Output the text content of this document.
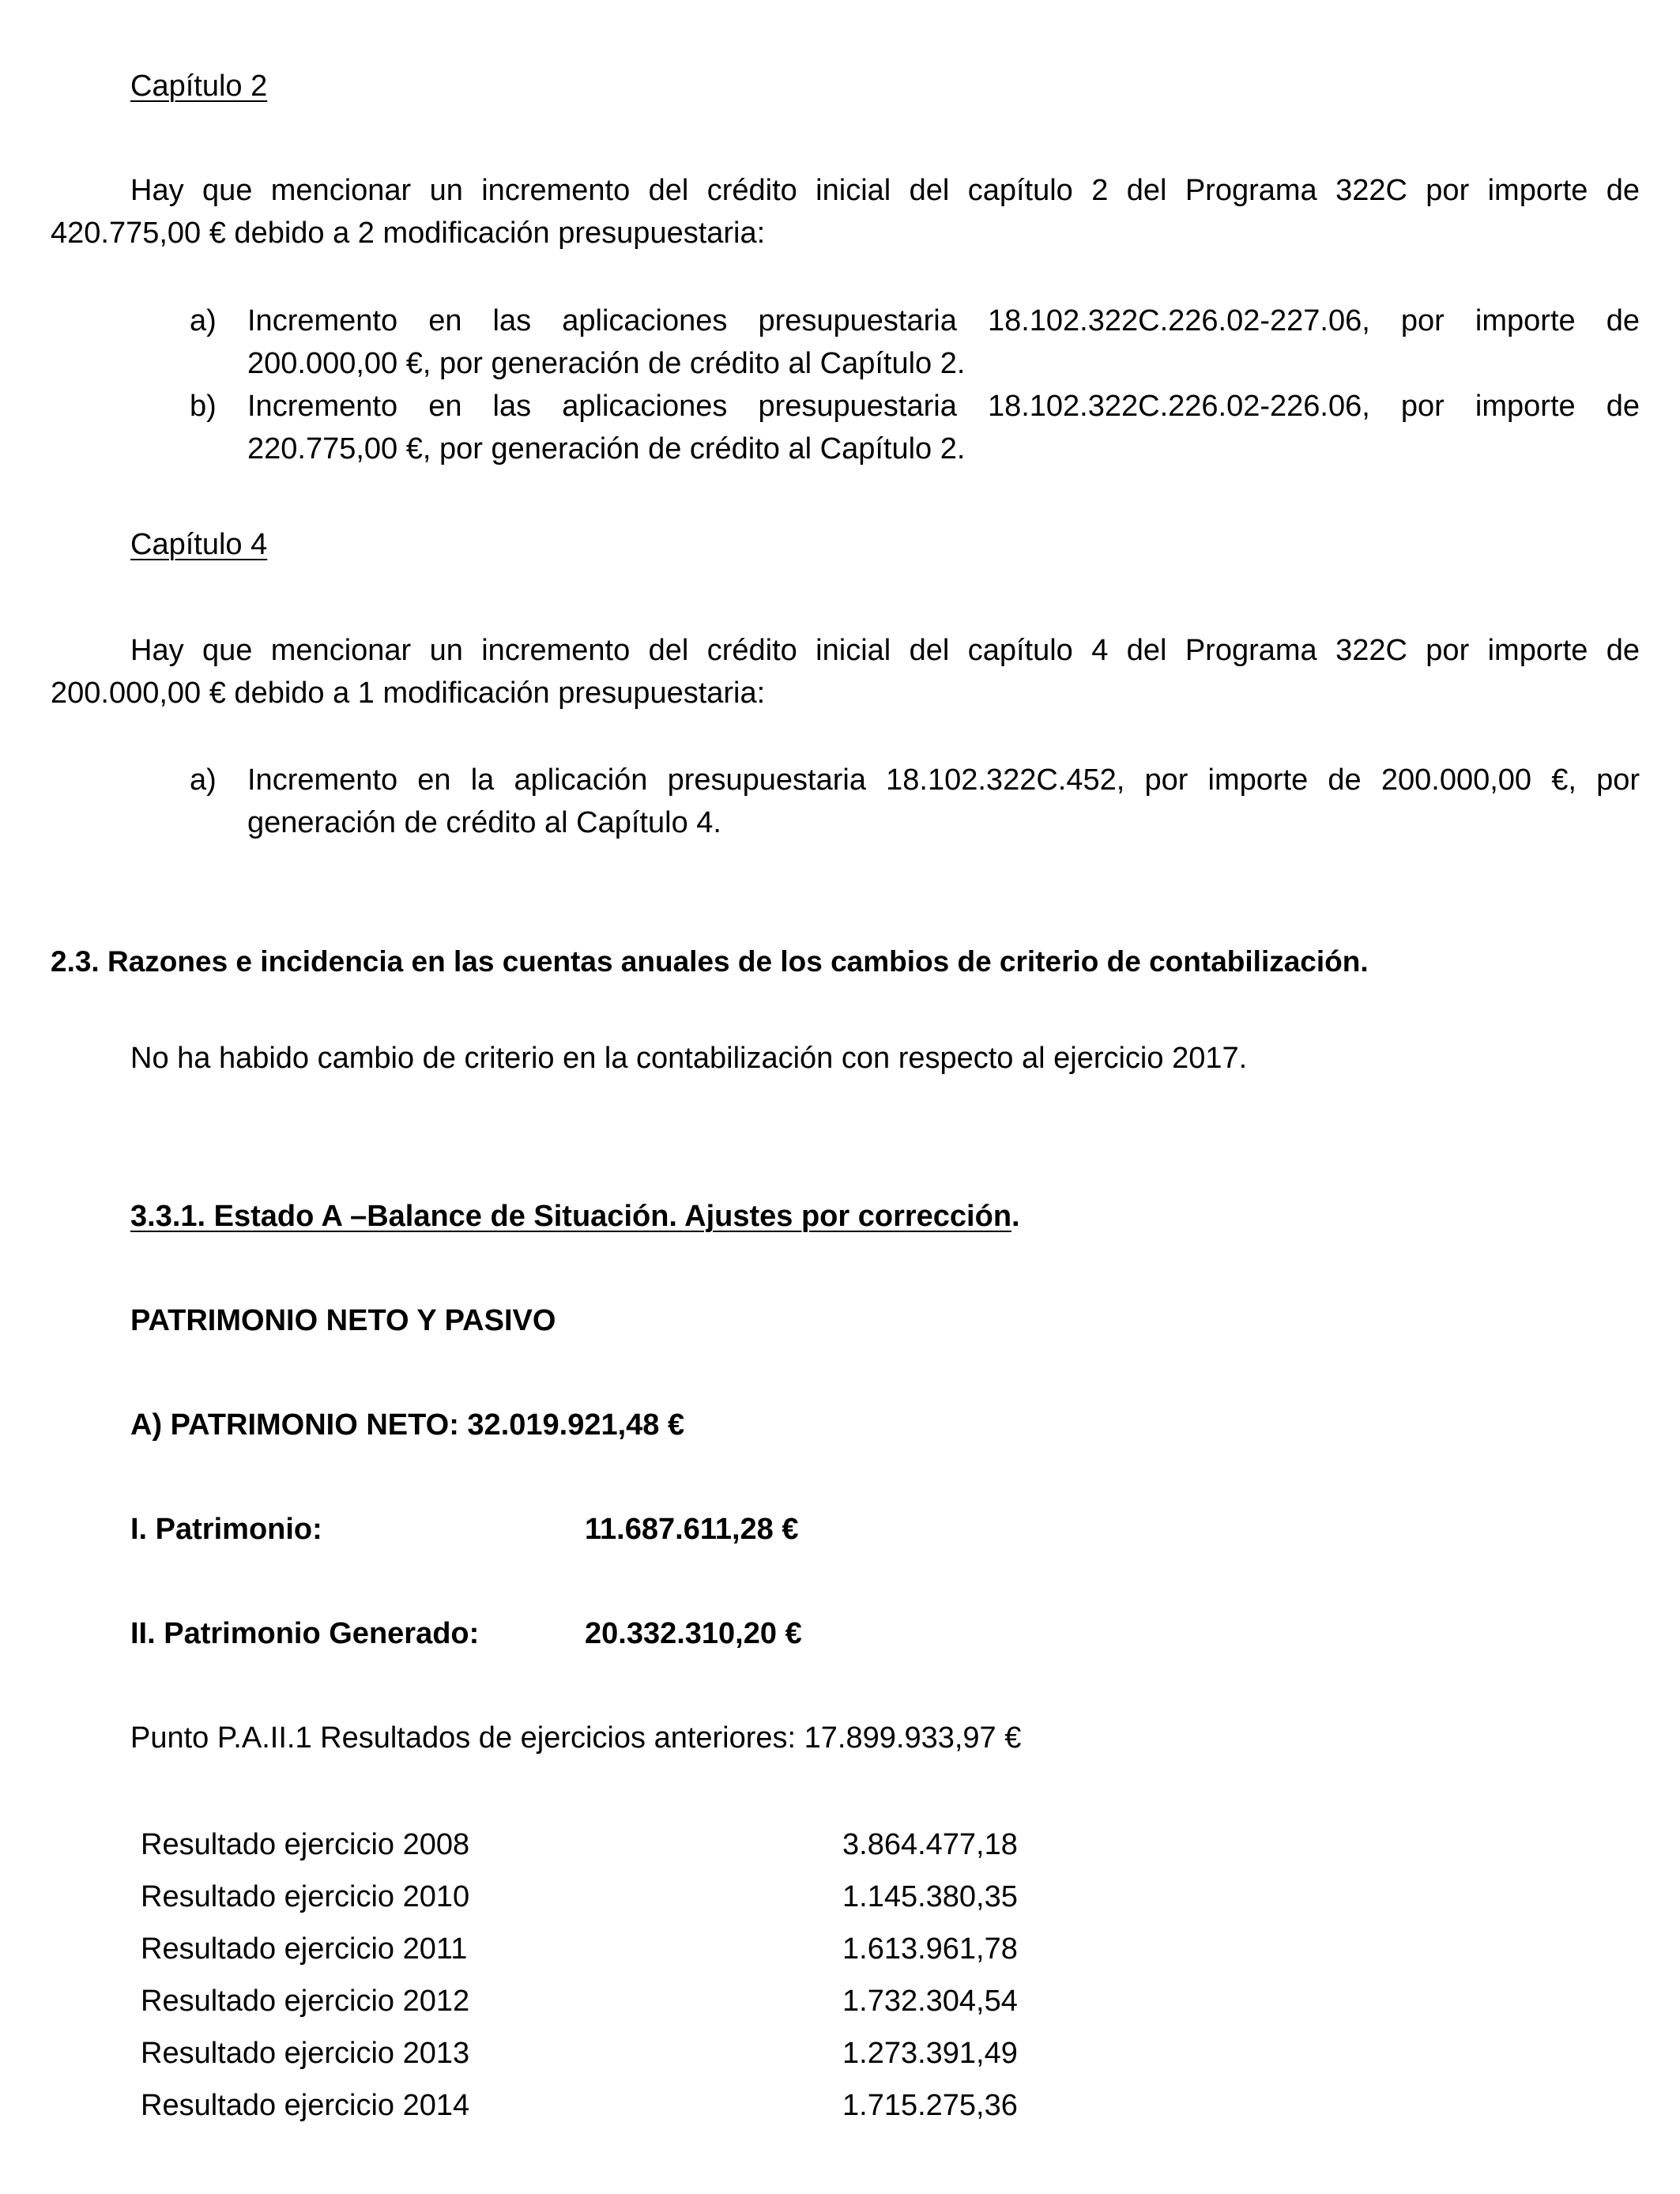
Capítulo 2
Hay que mencionar un incremento del crédito inicial del capítulo 2 del Programa 322C por importe de
420.775,00 € debido a 2 modificación presupuestaria:
a) Incremento en las aplicaciones presupuestaria 18.102.322C.226.02-227.06, por importe de
200.000,00 €, por generación de crédito al Capítulo 2.
b) Incremento en las aplicaciones presupuestaria 18.102.322C.226.02-226.06, por importe de
220.775,00 €, por generación de crédito al Capítulo 2.
Capítulo 4
Hay que mencionar un incremento del crédito inicial del capítulo 4 del Programa 322C por importe de
200.000,00 € debido a 1 modificación presupuestaria:
a) Incremento en la aplicación presupuestaria 18.102.322C.452, por importe de 200.000,00 €, por
generación de crédito al Capítulo 4.
2.3. Razones e incidencia en las cuentas anuales de los cambios de criterio de contabilización.
No ha habido cambio de criterio en la contabilización con respecto al ejercicio 2017.
3.3.1. Estado A –Balance de Situación. Ajustes por corrección.
PATRIMONIO NETO Y PASIVO
A) PATRIMONIO NETO: 32.019.921,48 €
I. Patrimonio:	11.687.611,28 €
II. Patrimonio Generado:	20.332.310,20 €
Punto P.A.II.1 Resultados de ejercicios anteriores: 17.899.933,97 €
Resultado ejercicio 2008	3.864.477,18
Resultado ejercicio 2010	1.145.380,35
Resultado ejercicio 2011	1.613.961,78
Resultado ejercicio 2012	1.732.304,54
Resultado ejercicio 2013	1.273.391,49
Resultado ejercicio 2014	1.715.275,36
